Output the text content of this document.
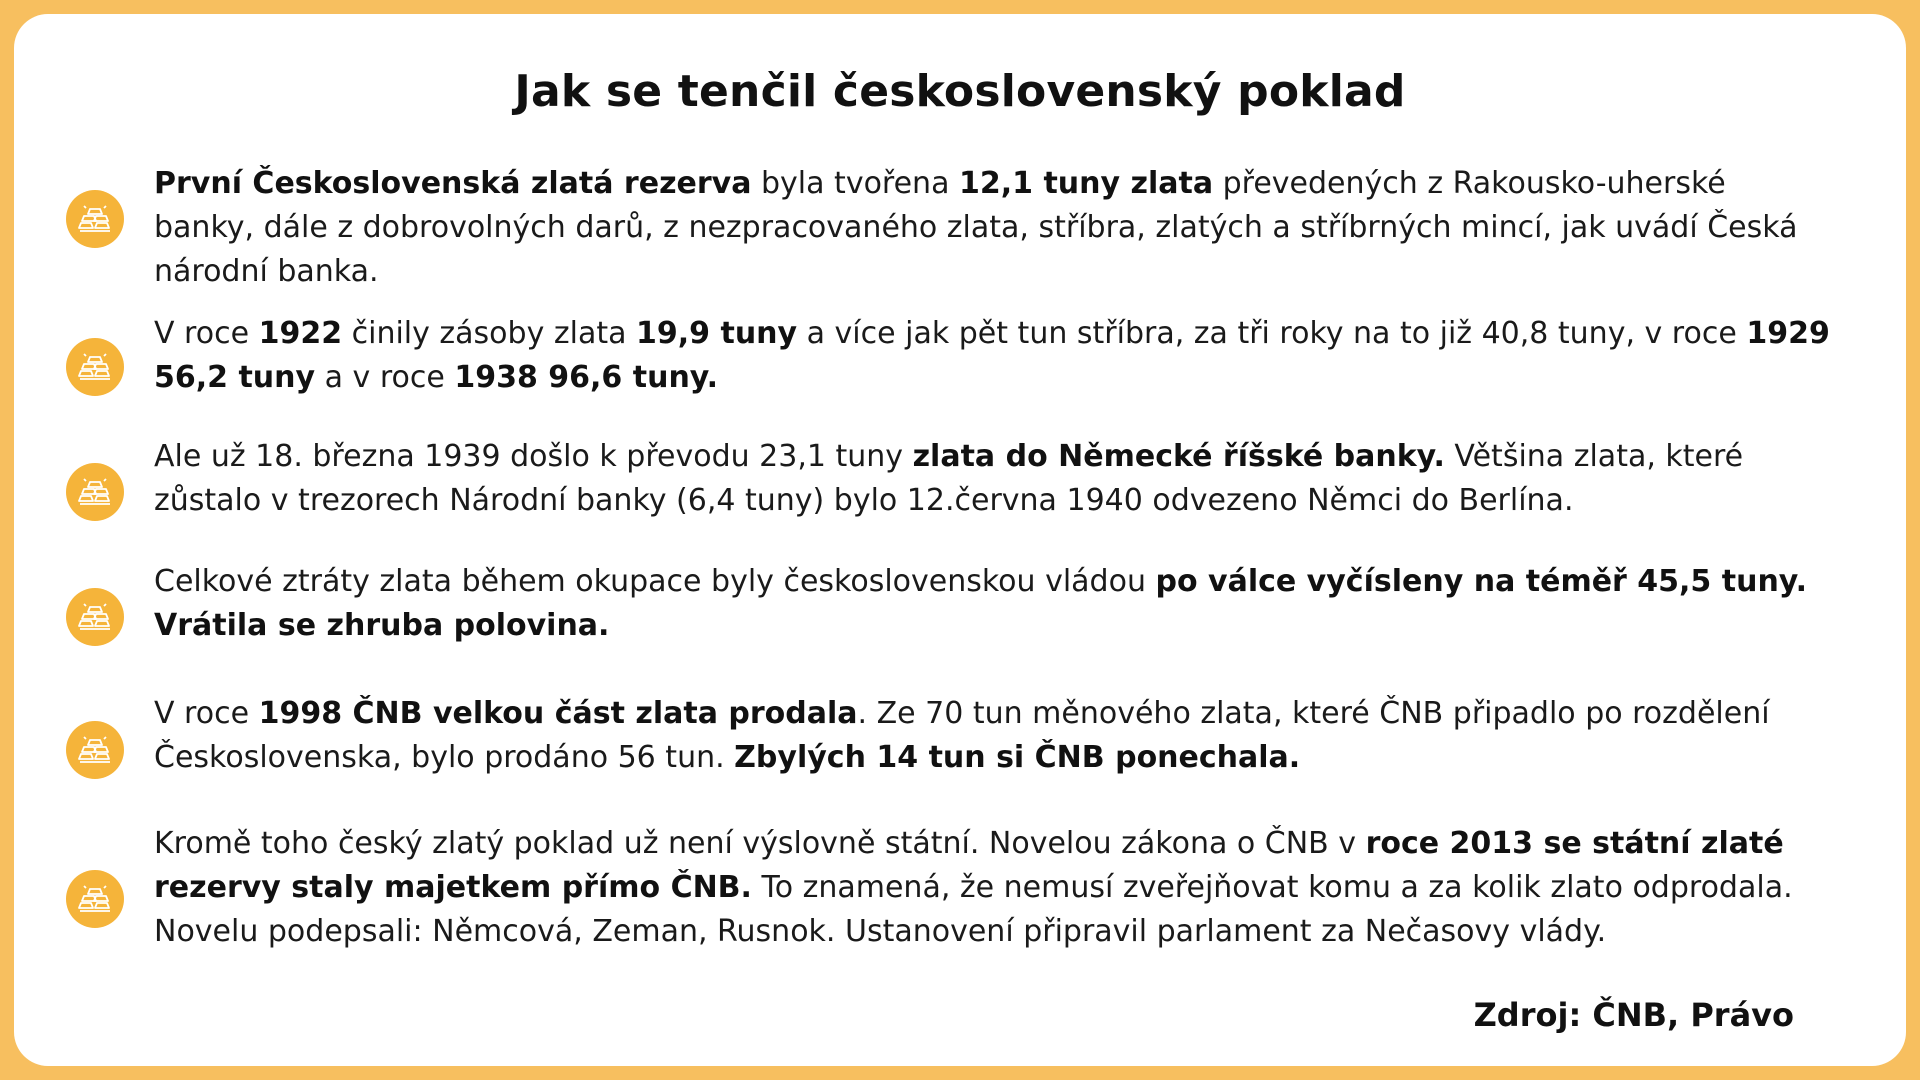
Jak se tenčil československý poklad

První Československá zlatá rezerva byla tvořena 12,1 tuny zlata převedených z Rakousko-uherské banky, dále z dobrovolných darů, z nezpracovaného zlata, stříbra, zlatých a stříbrných mincí, jak uvádí Česká národní banka.

V roce 1922 činily zásoby zlata 19,9 tuny a více jak pět tun stříbra, za tři roky na to již 40,8 tuny, v roce 1929 56,2 tuny a v roce 1938 96,6 tuny.

Ale už 18. března 1939 došlo k převodu 23,1 tuny zlata do Německé říšské banky. Většina zlata, které zůstalo v trezorech Národní banky (6,4 tuny) bylo 12.června 1940 odvezeno Němci do Berlína.

Celkové ztráty zlata během okupace byly československou vládou po válce vyčísleny na téměř 45,5 tuny. Vrátila se zhruba polovina.

V roce 1998 ČNB velkou část zlata prodala. Ze 70 tun měnového zlata, které ČNB připadlo po rozdělení Československa, bylo prodáno 56 tun. Zbylých 14 tun si ČNB ponechala.

Kromě toho český zlatý poklad už není výslovně státní. Novelou zákona o ČNB v roce 2013 se státní zlaté rezervy staly majetkem přímo ČNB. To znamená, že nemusí zveřejňovat komu a za kolik zlato odprodala. Novelu podepsali: Němcová, Zeman, Rusnok. Ustanovení připravil parlament za Nečasovy vlády.

Zdroj: ČNB, Právo
